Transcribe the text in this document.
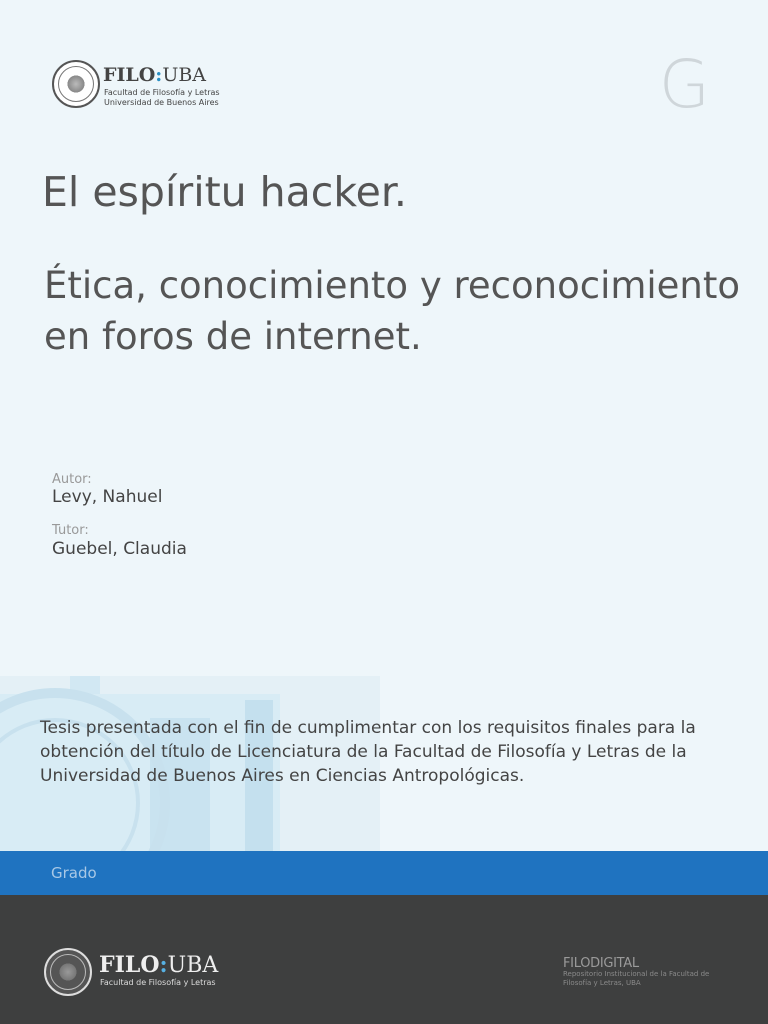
FILO:UBA
Facultad de Filosofía y Letras
Universidad de Buenos Aires	G
El espíritu hacker.

Ética, conocimiento y reconocimiento en foros de internet.

Autor:
Levy, Nahuel
Tutor:
Guebel, Claudia

Tesis presentada con el fin de cumplimentar con los requisitos finales para la obtención del título de Licenciatura de la Facultad de Filosofía y Letras de la Universidad de Buenos Aires en Ciencias Antropológicas.

Grado
FILO:UBA
Facultad de Filosofía y Letras
FILODIGITAL
Repositorio Institucional de la Facultad de Filosofía y Letras, UBA
